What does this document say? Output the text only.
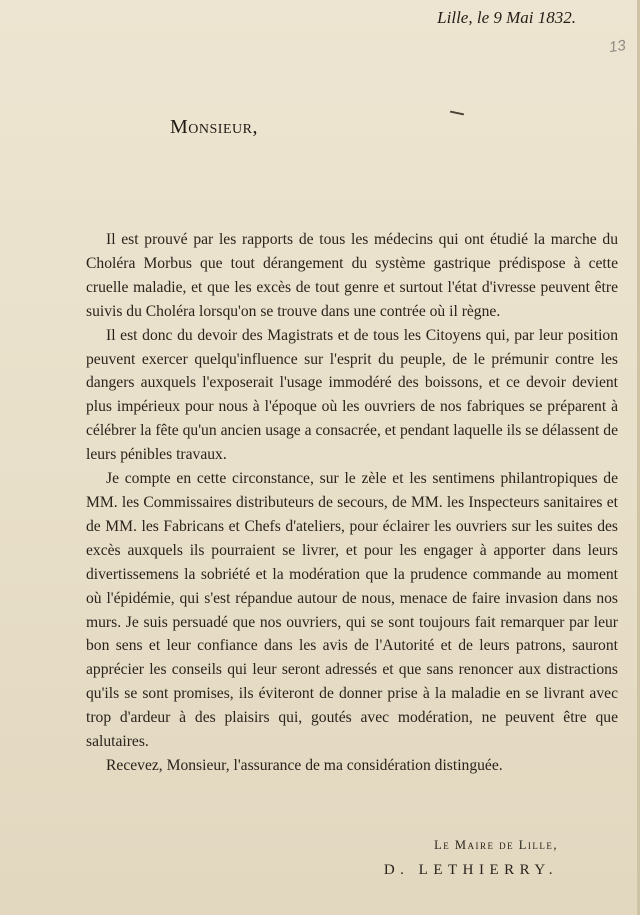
Lille, le 9 Mai 1832.
13
Monsieur,

Il est prouvé par les rapports de tous les médecins qui ont étudié la marche du Choléra Morbus que tout dérangement du système gastrique prédispose à cette cruelle maladie, et que les excès de tout genre et surtout l'état d'ivresse peuvent être suivis du Choléra lorsqu'on se trouve dans une contrée où il règne.

Il est donc du devoir des Magistrats et de tous les Citoyens qui, par leur position peuvent exercer quelqu'influence sur l'esprit du peuple, de le prémunir contre les dangers auxquels l'exposerait l'usage immodéré des boissons, et ce devoir devient plus impérieux pour nous à l'époque où les ouvriers de nos fabriques se préparent à célébrer la fête qu'un ancien usage a consacrée, et pendant laquelle ils se délassent de leurs pénibles travaux.

Je compte en cette circonstance, sur le zèle et les sentimens philantropiques de MM. les Commissaires distributeurs de secours, de MM. les Inspecteurs sanitaires et de MM. les Fabricans et Chefs d'ateliers, pour éclairer les ouvriers sur les suites des excès auxquels ils pourraient se livrer, et pour les engager à apporter dans leurs divertissemens la sobriété et la modération que la prudence commande au moment où l'épidémie, qui s'est répandue autour de nous, menace de faire invasion dans nos murs. Je suis persuadé que nos ouvriers, qui se sont toujours fait remarquer par leur bon sens et leur confiance dans les avis de l'Autorité et de leurs patrons, sauront apprécier les conseils qui leur seront adressés et que sans renoncer aux distractions qu'ils se sont promises, ils éviteront de donner prise à la maladie en se livrant avec trop d'ardeur à des plaisirs qui, goutés avec modération, ne peuvent être que salutaires.

Recevez, Monsieur, l'assurance de ma considération distinguée.

Le Maire de Lille,
D. LETHIERRY.
